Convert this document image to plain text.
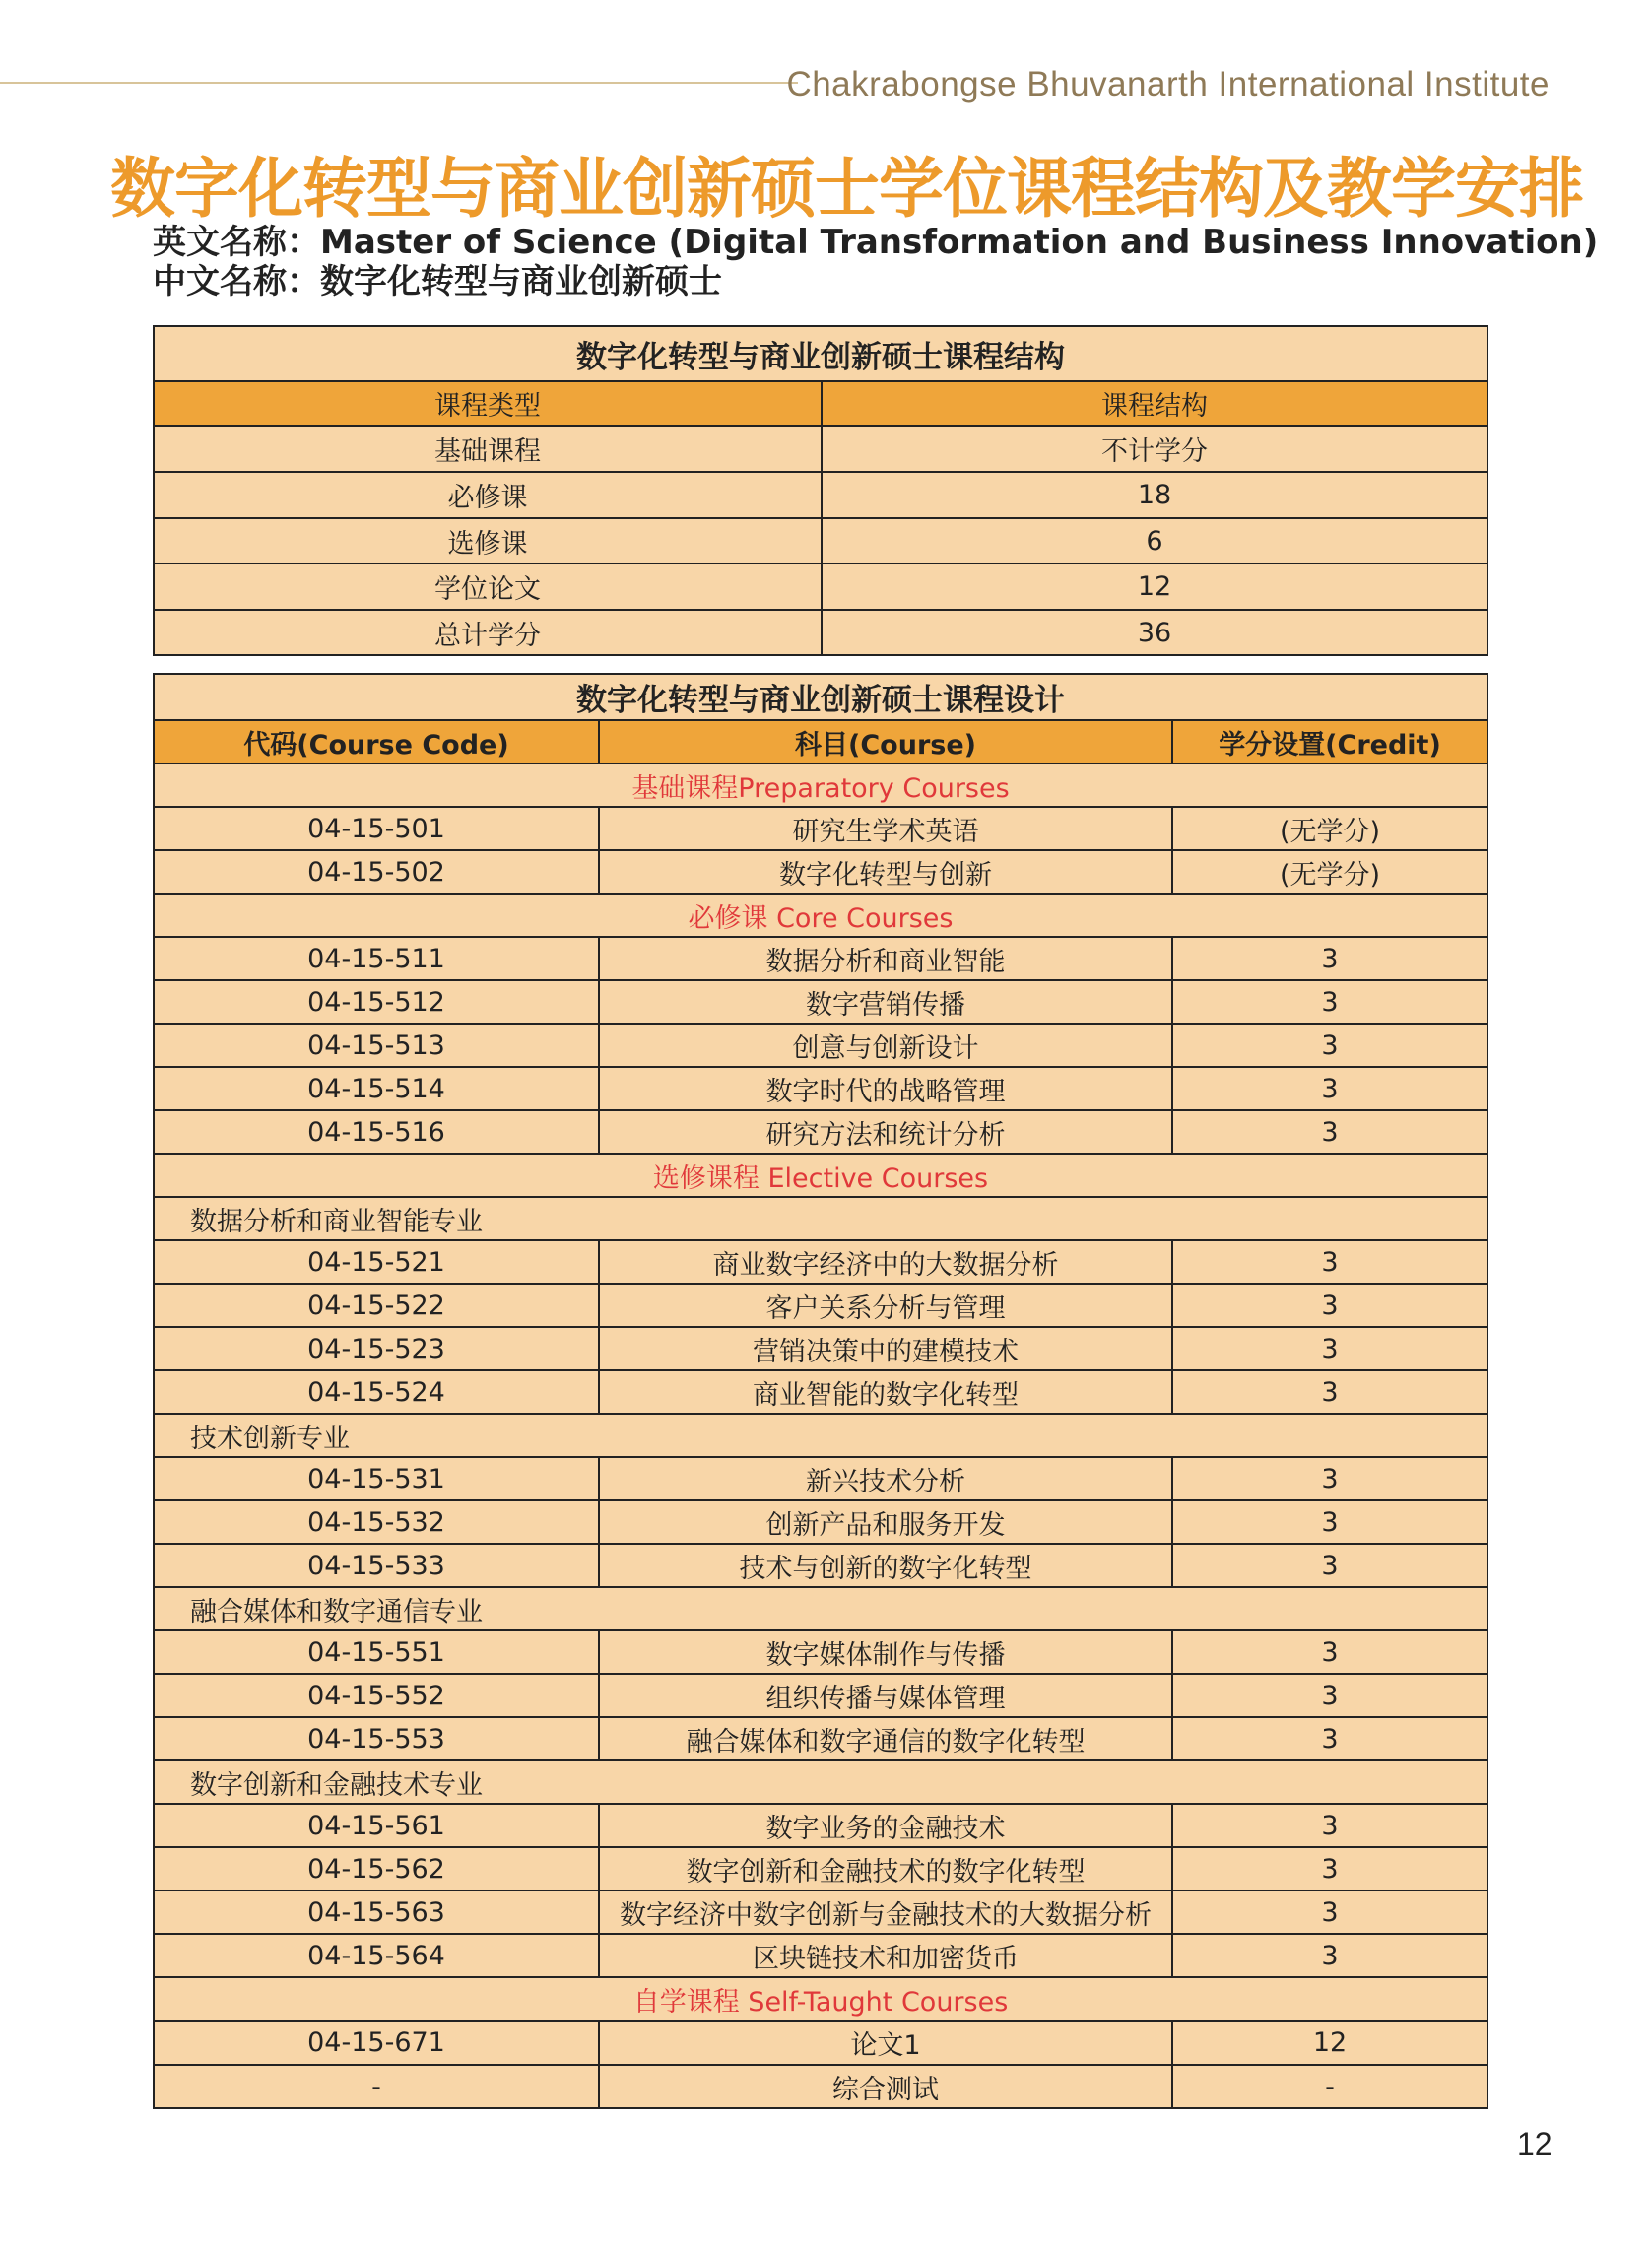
Chakrabongse Bhuvanarth International Institute
数字化转型与商业创新硕士学位课程结构及教学安排
英文名称：Master of Science (Digital Transformation and Business Innovation)
中文名称：数字化转型与商业创新硕士
数字化转型与商业创新硕士课程结构	
课程类型	课程结构
基础课程	不计学分
必修课	18
选修课	6
学位论文	12
总计学分	36
数字化转型与商业创新硕士课程设计		
代码(Course Code)	科目(Course)	学分设置(Credit)
基础课程Preparatory Courses		
04-15-501	研究生学术英语	(无学分)
04-15-502	数字化转型与创新	(无学分)
必修课 Core Courses		
04-15-511	数据分析和商业智能	3
04-15-512	数字营销传播	3
04-15-513	创意与创新设计	3
04-15-514	数字时代的战略管理	3
04-15-516	研究方法和统计分析	3
选修课程 Elective Courses		
数据分析和商业智能专业		
04-15-521	商业数字经济中的大数据分析	3
04-15-522	客户关系分析与管理	3
04-15-523	营销决策中的建模技术	3
04-15-524	商业智能的数字化转型	3
技术创新专业		
04-15-531	新兴技术分析	3
04-15-532	创新产品和服务开发	3
04-15-533	技术与创新的数字化转型	3
融合媒体和数字通信专业		
04-15-551	数字媒体制作与传播	3
04-15-552	组织传播与媒体管理	3
04-15-553	融合媒体和数字通信的数字化转型	3
数字创新和金融技术专业		
04-15-561	数字业务的金融技术	3
04-15-562	数字创新和金融技术的数字化转型	3
04-15-563	数字经济中数字创新与金融技术的大数据分析	3
04-15-564	区块链技术和加密货币	3
自学课程 Self-Taught Courses		
04-15-671	论文1	12
-	综合测试	-
12
